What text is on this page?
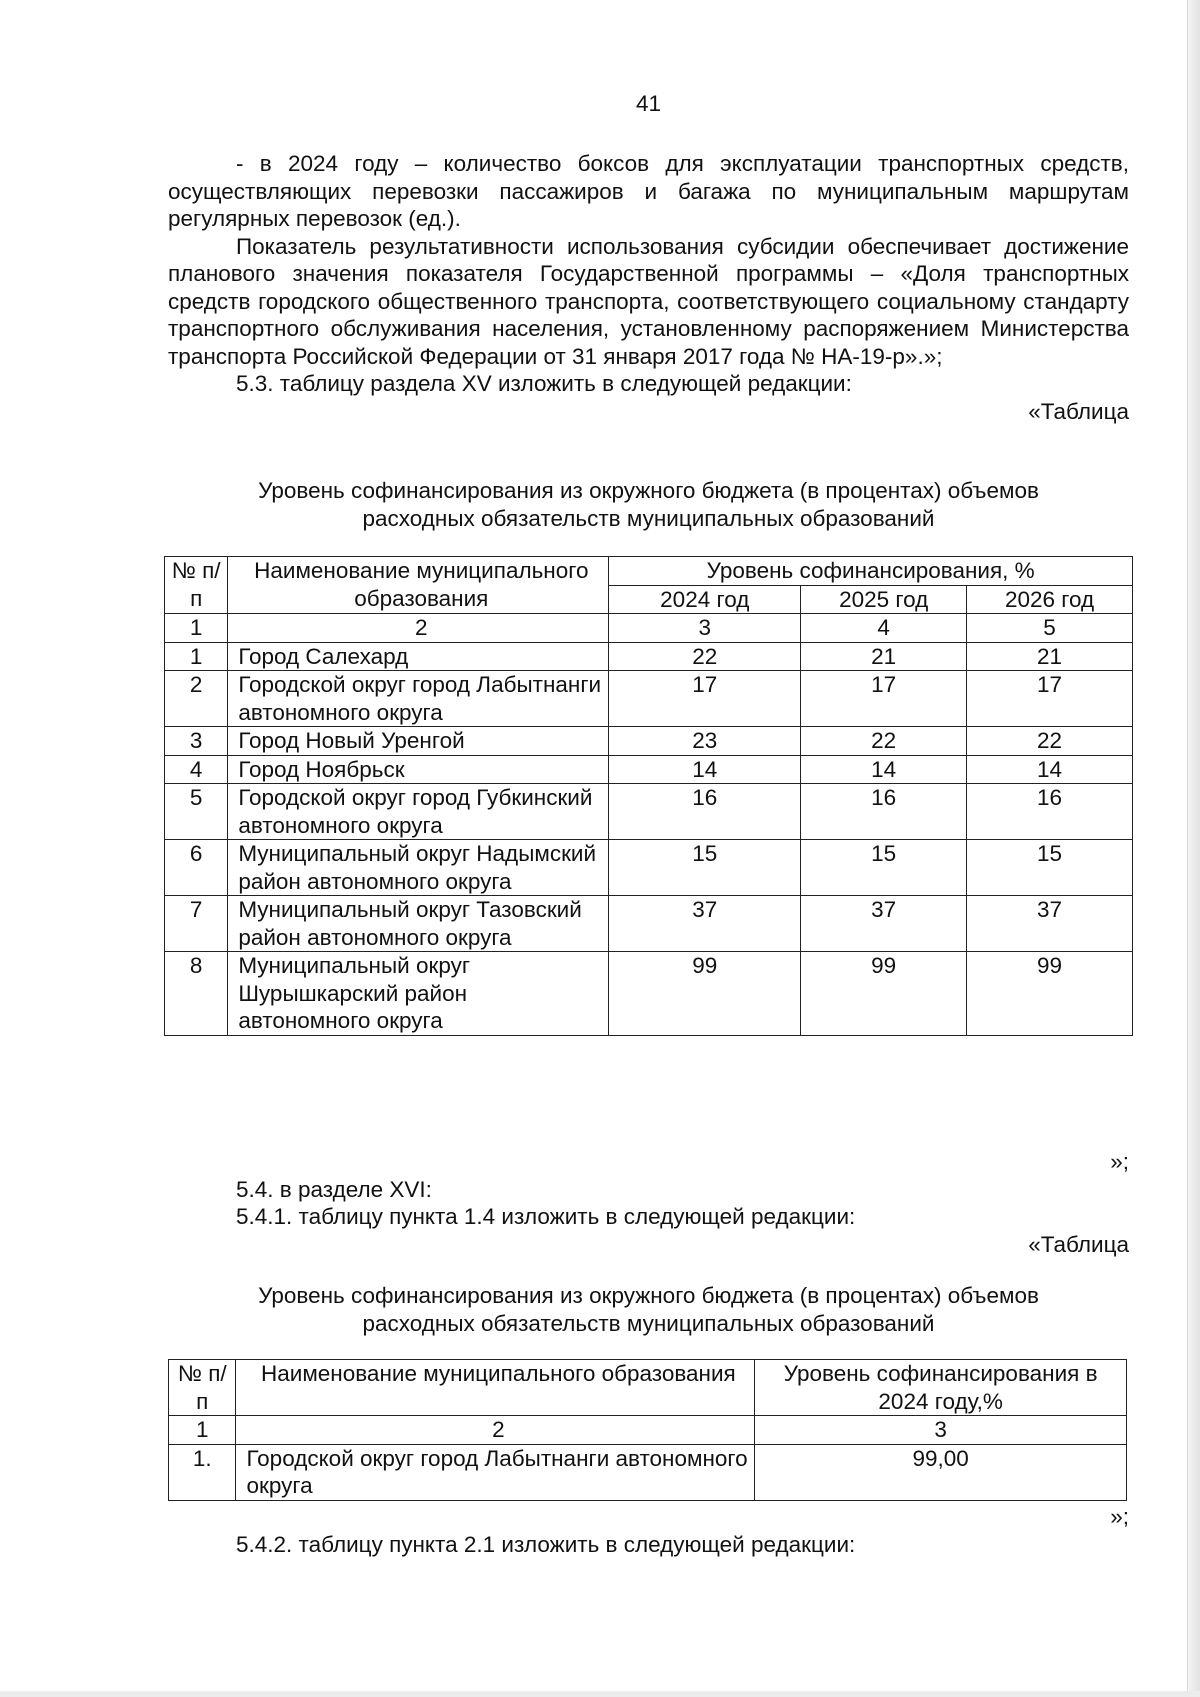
41

- в 2024 году – количество боксов для эксплуатации транспортных средств, осуществляющих перевозки пассажиров и багажа по муниципальным маршрутам регулярных перевозок (ед.).

Показатель результативности использования субсидии обеспечивает достижение планового значения показателя Государственной программы – «Доля транспортных средств городского общественного транспорта, соответствующего социальному стандарту транспортного обслуживания населения, установленному распоряжением Министерства транспорта Российской Федерации от 31 января 2017 года № НА-19-р».»;

5.3. таблицу раздела XV изложить в следующей редакции:

«Таблица

Уровень софинансирования из окружного бюджета (в процентах) объемов

расходных обязательств муниципальных образований

№ п/п	Наименование муниципального образования	Уровень софинансирования, %		
		2024 год	2025 год	2026 год
1	2	3	4	5
1	Город Салехард	22	21	21
2	Городской округ город Лабытнанги автономного округа	17	17	17
3	Город Новый Уренгой	23	22	22
4	Город Ноябрьск	14	14	14
5	Городской округ город Губкинский автономного округа	16	16	16
6	Муниципальный округ Надымский район автономного округа	15	15	15
7	Муниципальный округ Тазовский район автономного округа	37	37	37
8	Муниципальный округ Шурышкарский район автономного округа	99	99	99

»;

5.4. в разделе XVI:

5.4.1. таблицу пункта 1.4 изложить в следующей редакции:

«Таблица

Уровень софинансирования из окружного бюджета (в процентах) объемов

расходных обязательств муниципальных образований

№ п/п	Наименование муниципального образования	Уровень софинансирования в 2024 году,%
1	2	3
1.	Городской округ город Лабытнанги автономного округа	99,00

»;

5.4.2. таблицу пункта 2.1 изложить в следующей редакции:
